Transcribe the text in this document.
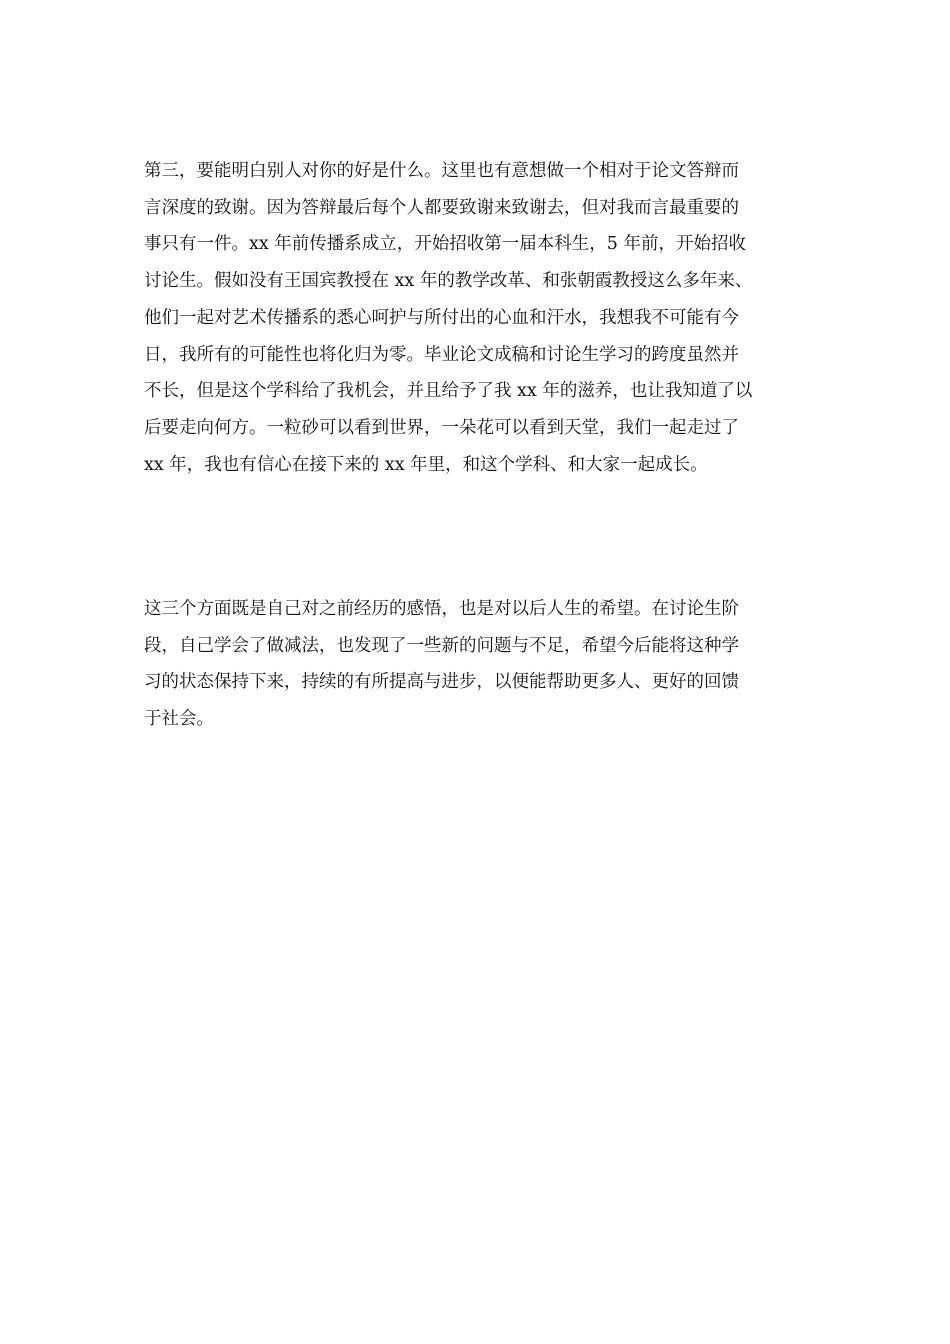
第三，要能明白别人对你的好是什么。这里也有意想做一个相对于论文答辩而
言深度的致谢。因为答辩最后每个人都要致谢来致谢去，但对我而言最重要的
事只有一件。xx 年前传播系成立，开始招收第一届本科生，5 年前，开始招收
讨论生。假如没有王国宾教授在 xx 年的教学改革、和张朝霞教授这么多年来、
他们一起对艺术传播系的悉心呵护与所付出的心血和汗水，我想我不可能有今
日，我所有的可能性也将化归为零。毕业论文成稿和讨论生学习的跨度虽然并
不长，但是这个学科给了我机会，并且给予了我 xx 年的滋养，也让我知道了以
后要走向何方。一粒砂可以看到世界，一朵花可以看到天堂，我们一起走过了
xx 年，我也有信心在接下来的 xx 年里，和这个学科、和大家一起成长。
这三个方面既是自己对之前经历的感悟，也是对以后人生的希望。在讨论生阶
段，自己学会了做减法，也发现了一些新的问题与不足，希望今后能将这种学
习的状态保持下来，持续的有所提高与进步，以便能帮助更多人、更好的回馈
于社会。
